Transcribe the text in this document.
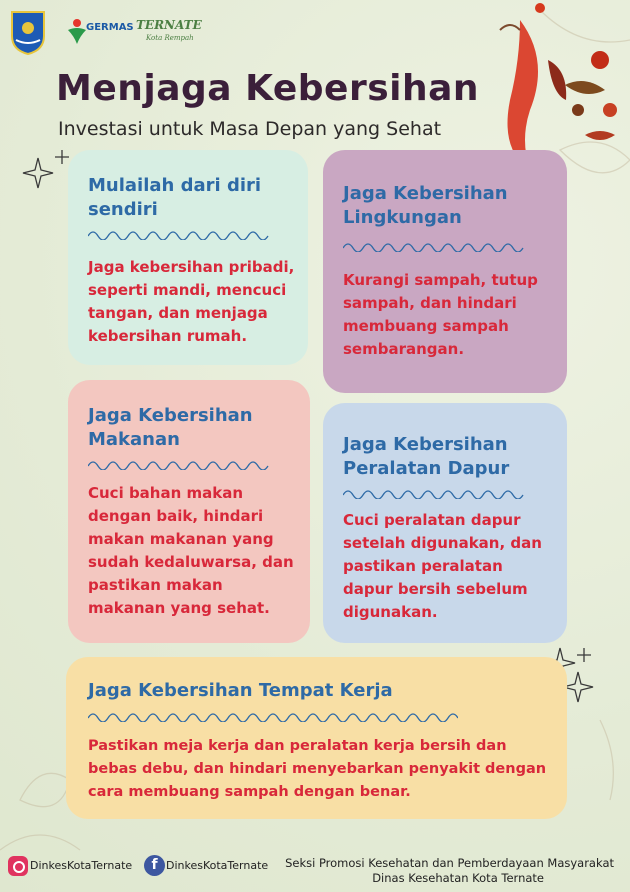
GERMAS TERNATE
Kota Rempah
Menjaga Kebersihan
Investasi untuk Masa Depan yang Sehat
Mulailah dari diri
sendiri
Jaga kebersihan pribadi,
seperti mandi, mencuci
tangan, dan menjaga
kebersihan rumah.
Jaga Kebersihan
Lingkungan
Kurangi sampah, tutup
sampah, dan hindari
membuang sampah
sembarangan.
Jaga Kebersihan
Makanan
Cuci bahan makan
dengan baik, hindari
makan makanan yang
sudah kedaluwarsa, dan
pastikan makan
makanan yang sehat.
Jaga Kebersihan
Peralatan Dapur
Cuci peralatan dapur
setelah digunakan, dan
pastikan peralatan
dapur bersih sebelum
digunakan.
Jaga Kebersihan Tempat Kerja
Pastikan meja kerja dan peralatan kerja bersih dan
bebas debu, dan hindari menyebarkan penyakit dengan
cara membuang sampah dengan benar.
DinkesKotaTernate	f DinkesKotaTernate Seksi Promosi Kesehatan dan Pemberdayaan Masyarakat
Dinas Kesehatan Kota Ternate
